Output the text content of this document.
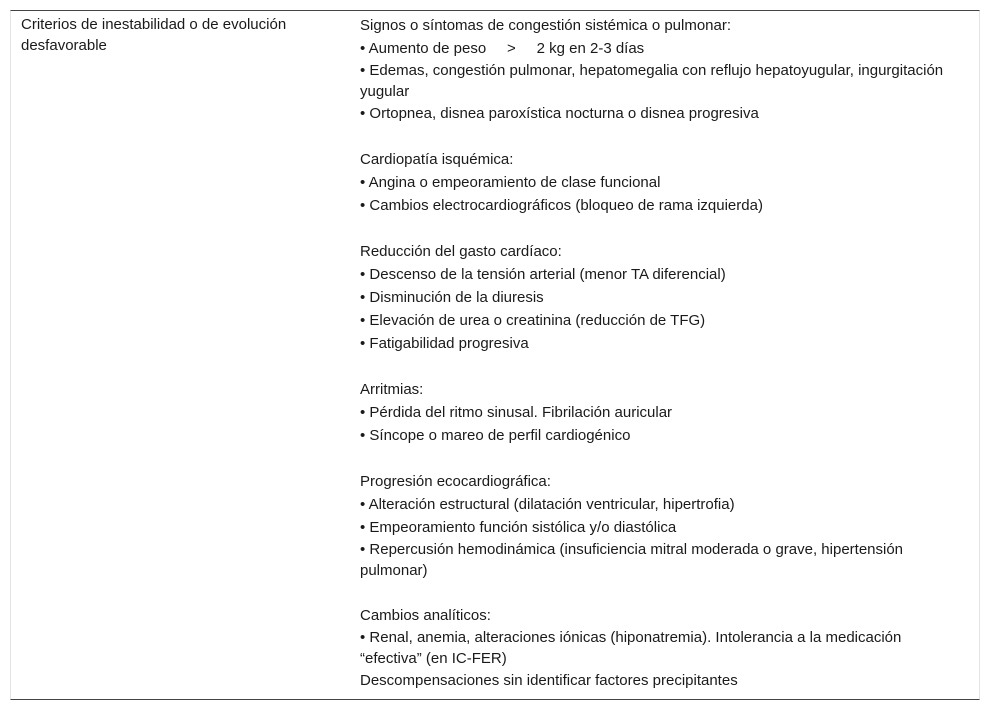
Criterios de inestabilidad o de evolución desfavorable
Signos o síntomas de congestión sistémica o pulmonar:
• Aumento de peso     >     2 kg en 2-3 días
• Edemas, congestión pulmonar, hepatomegalia con reflujo hepatoyugular, ingurgitación yugular
• Ortopnea, disnea paroxística nocturna o disnea progresiva
Cardiopatía isquémica:
• Angina o empeoramiento de clase funcional
• Cambios electrocardiográficos (bloqueo de rama izquierda)
Reducción del gasto cardíaco:
• Descenso de la tensión arterial (menor TA diferencial)
• Disminución de la diuresis
• Elevación de urea o creatinina (reducción de TFG)
• Fatigabilidad progresiva
Arritmias:
• Pérdida del ritmo sinusal. Fibrilación auricular
• Síncope o mareo de perfil cardiogénico
Progresión ecocardiográfica:
• Alteración estructural (dilatación ventricular, hipertrofia)
• Empeoramiento función sistólica y/o diastólica
• Repercusión hemodinámica (insuficiencia mitral moderada o grave, hipertensión pulmonar)
Cambios analíticos:
• Renal, anemia, alteraciones iónicas (hiponatremia). Intolerancia a la medicación “efectiva” (en IC-FER)
Descompensaciones sin identificar factores precipitantes
